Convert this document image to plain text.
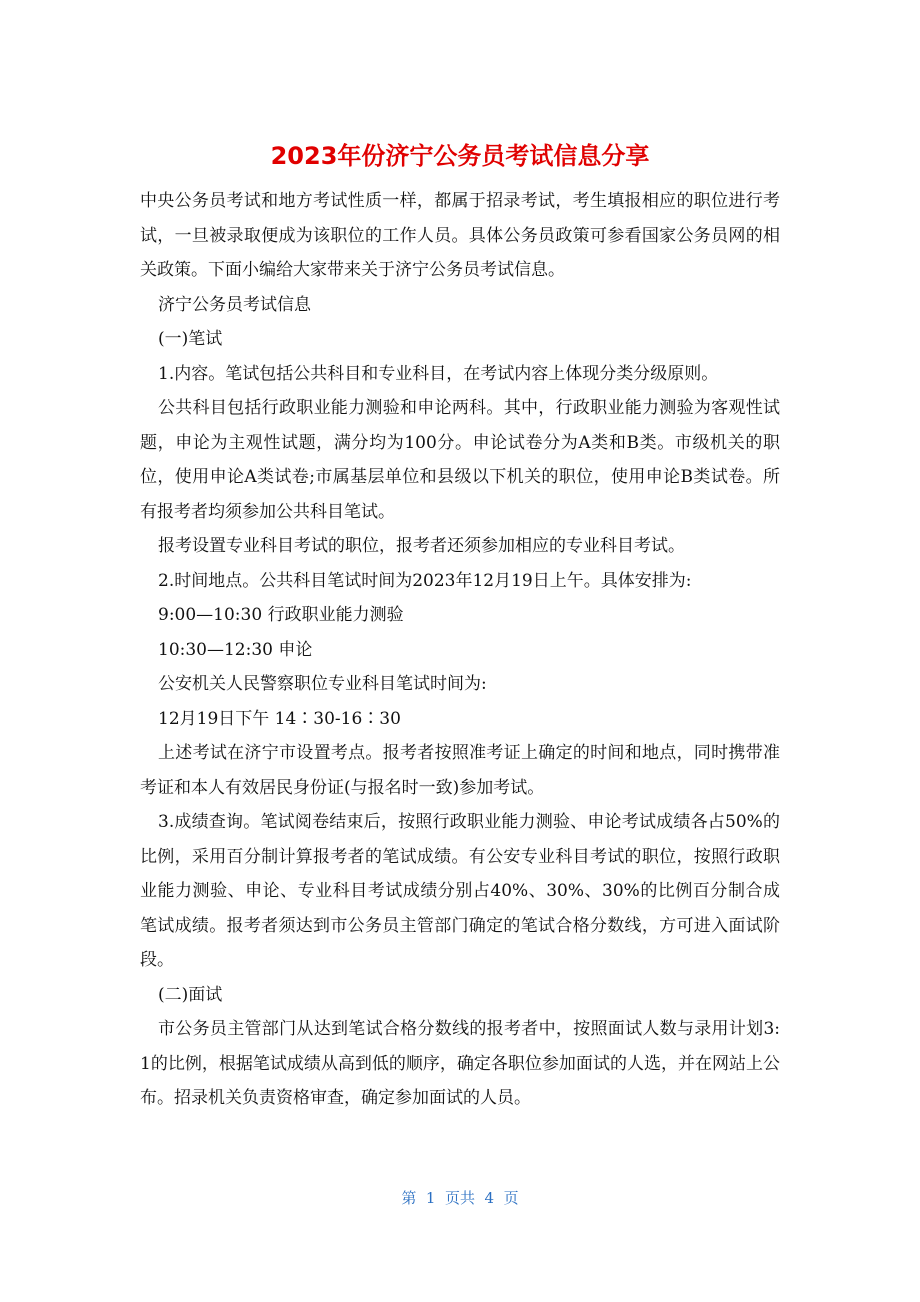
2023年份济宁公务员考试信息分享

中央公务员考试和地方考试性质一样，都属于招录考试，考生填报相应的职位进行考试，一旦被录取便成为该职位的工作人员。具体公务员政策可参看国家公务员网的相关政策。下面小编给大家带来关于济宁公务员考试信息。

济宁公务员考试信息

(一)笔试

1.内容。笔试包括公共科目和专业科目，在考试内容上体现分类分级原则。

公共科目包括行政职业能力测验和申论两科。其中，行政职业能力测验为客观性试题，申论为主观性试题，满分均为100分。申论试卷分为A类和B类。市级机关的职位，使用申论A类试卷;市属基层单位和县级以下机关的职位，使用申论B类试卷。所有报考者均须参加公共科目笔试。

报考设置专业科目考试的职位，报考者还须参加相应的专业科目考试。

2.时间地点。公共科目笔试时间为2023年12月19日上午。具体安排为:

9:00—10:30 行政职业能力测验

10:30—12:30 申论

公安机关人民警察职位专业科目笔试时间为:

12月19日下午 14∶30-16∶30

上述考试在济宁市设置考点。报考者按照准考证上确定的时间和地点，同时携带准考证和本人有效居民身份证(与报名时一致)参加考试。

3.成绩查询。笔试阅卷结束后，按照行政职业能力测验、申论考试成绩各占50%的比例，采用百分制计算报考者的笔试成绩。有公安专业科目考试的职位，按照行政职业能力测验、申论、专业科目考试成绩分别占40%、30%、30%的比例百分制合成笔试成绩。报考者须达到市公务员主管部门确定的笔试合格分数线，方可进入面试阶段。

(二)面试

市公务员主管部门从达到笔试合格分数线的报考者中，按照面试人数与录用计划3:1的比例，根据笔试成绩从高到低的顺序，确定各职位参加面试的人选，并在网站上公布。招录机关负责资格审查，确定参加面试的人员。

第  1  页共  4  页
